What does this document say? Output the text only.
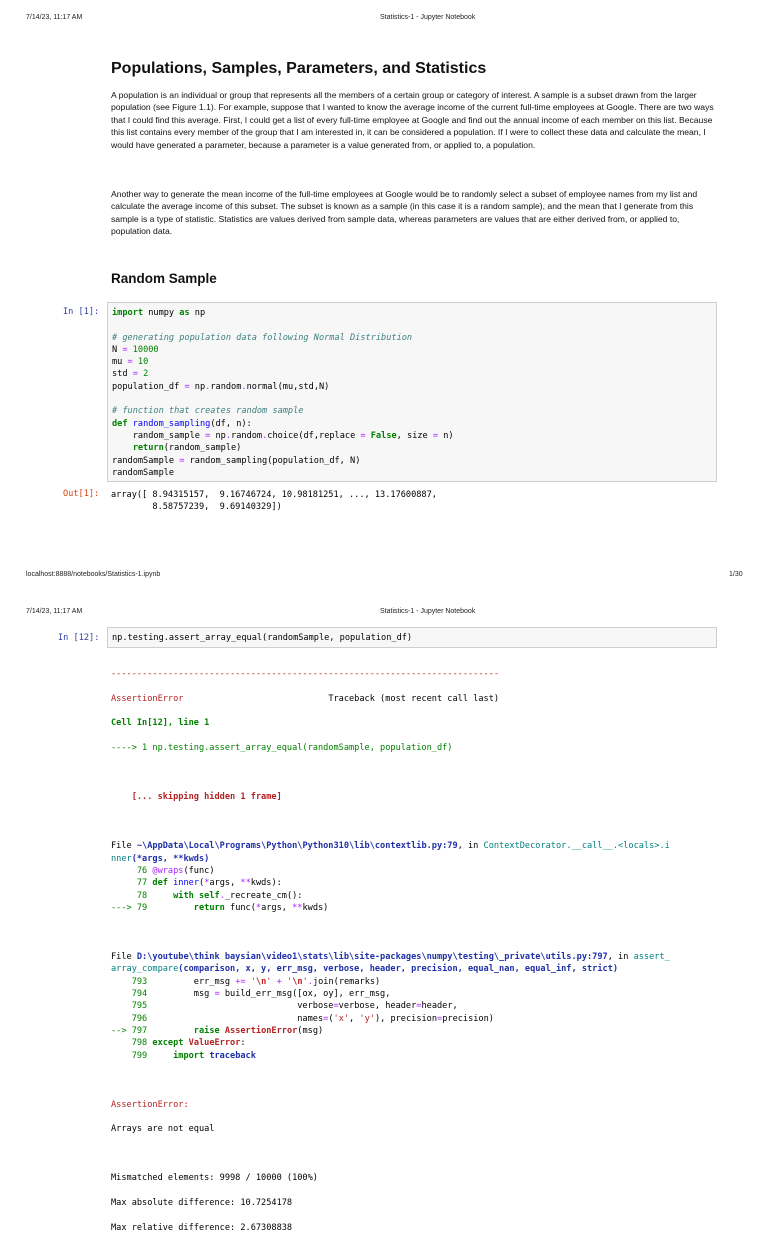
7/14/23, 11:17 AM	Statistics-1 - Jupyter Notebook
Populations, Samples, Parameters, and Statistics

A population is an individual or group that represents all the members of a certain group or category of interest. A sample is a subset drawn from the larger population (see Figure 1.1). For example, suppose that I wanted to know the average income of the current full-time employees at Google. There are two ways that I could find this average. First, I could get a list of every full-time employee at Google and find out the annual income of each member on this list. Because this list contains every member of the group that I am interested in, it can be considered a population. If I were to collect these data and calculate the mean, I would have generated a parameter, because a parameter is a value generated from, or applied to, a population.

Another way to generate the mean income of the full-time employees at Google would be to randomly select a subset of employee names from my list and calculate the average income of this subset. The subset is known as a sample (in this case it is a random sample), and the mean that I generate from this sample is a type of statistic. Statistics are values derived from sample data, whereas parameters are values that are either derived from, or applied to, population data.

Random Sample
In [1]:	import numpy as np

# generating population data following Normal Distribution
N = 10000
mu = 10
std = 2
population_df = np.random.normal(mu,std,N)

# function that creates random sample
def random_sampling(df, n):
random_sample = np.random.choice(df,replace = False, size = n)
return(random_sample)
randomSample = random_sampling(population_df, N)
randomSample
Out[1]: array([ 8.94315157,  9.16746724, 10.98181251, ..., 13.17600887,
8.58757239,  9.69140329])
localhost:8888/notebooks/Statistics-1.ipynb	1/30
7/14/23, 11:17 AM	Statistics-1 - Jupyter Notebook
In [12]:	np.testing.assert_array_equal(randomSample, population_df)

---------------------------------------------------------------------------

AssertionError	Traceback (most recent call last)

Cell In[12], line 1

----> 1 np.testing.assert_array_equal(randomSample, population_df)

[... skipping hidden 1 frame]

File ~\AppData\Local\Programs\Python\Python310\lib\contextlib.py:79, in ContextDecorator.__call__.<locals>.i
nner(*args, **kwds)
76 @wraps(func)
77 def inner(*args, **kwds):
78	with self._recreate_cm():
---> 79	return func(*args, **kwds)

File D:\youtube\think baysian\video1\stats\lib\site-packages\numpy\testing\_private\utils.py:797, in assert_
array_compare(comparison, x, y, err_msg, verbose, header, precision, equal_nan, equal_inf, strict)
793         err_msg += '\n' + '\n'.join(remarks)
794         msg = build_err_msg([ox, oy], err_msg,
795                             verbose=verbose, header=header,
796                             names=('x', 'y'), precision=precision)
--> 797	raise AssertionError(msg)
798 except ValueError:
799	import traceback

AssertionError:

Arrays are not equal

Mismatched elements: 9998 / 10000 (100%)

Max absolute difference: 10.7254178

Max relative difference: 2.67308838
